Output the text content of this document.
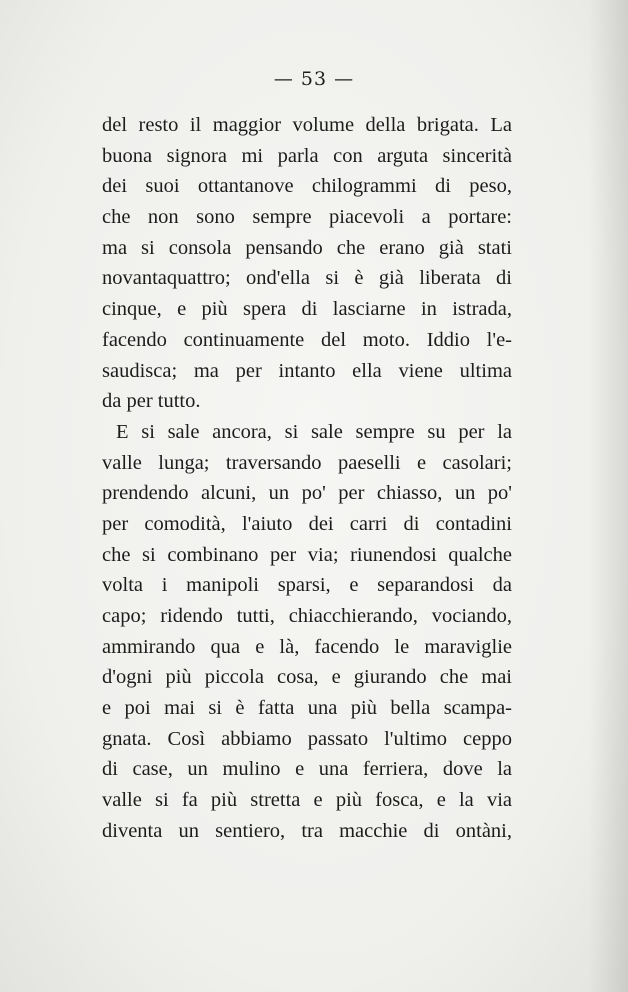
— 53 —
del resto il maggior volume della brigata. La
buona signora mi parla con arguta sincerità
dei suoi ottantanove chilogrammi di peso,
che non sono sempre piacevoli a portare:
ma si consola pensando che erano già stati
novantaquattro; ond'ella si è già liberata di
cinque, e più spera di lasciarne in istrada,
facendo continuamente del moto. Iddio l'e-
saudisca; ma per intanto ella viene ultima
da per tutto.
E si sale ancora, si sale sempre su per la
valle lunga; traversando paeselli e casolari;
prendendo alcuni, un po' per chiasso, un po'
per comodità, l'aiuto dei carri di contadini
che si combinano per via; riunendosi qualche
volta i manipoli sparsi, e separandosi da
capo; ridendo tutti, chiacchierando, vociando,
ammirando qua e là, facendo le maraviglie
d'ogni più piccola cosa, e giurando che mai
e poi mai si è fatta una più bella scampa-
gnata. Così abbiamo passato l'ultimo ceppo
di case, un mulino e una ferriera, dove la
valle si fa più stretta e più fosca, e la via
diventa un sentiero, tra macchie di ontàni,
